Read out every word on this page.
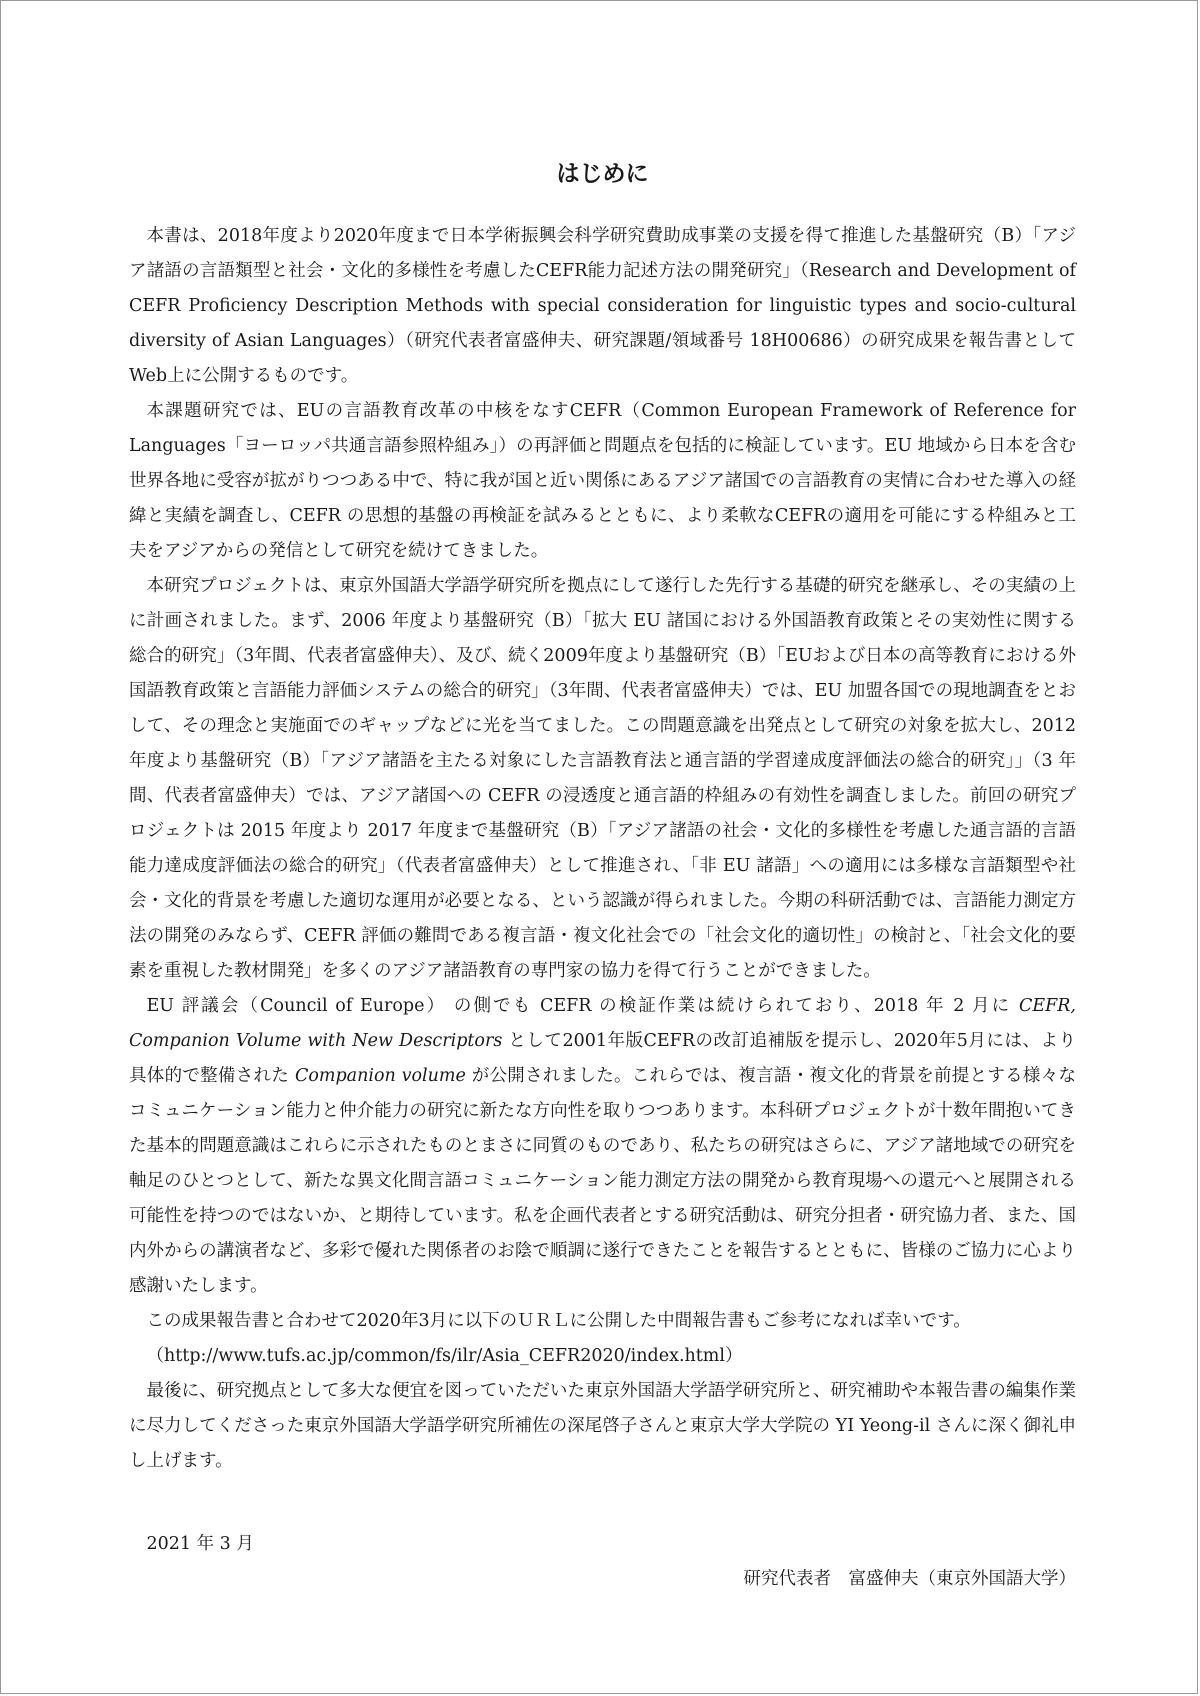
はじめに

本書は、2018年度より2020年度まで日本学術振興会科学研究費助成事業の支援を得て推進した基盤研究（B）「アジア諸語の言語類型と社会・文化的多様性を考慮したCEFR能力記述方法の開発研究」（Research and Development of CEFR Proficiency Description Methods with special consideration for linguistic types and socio-cultural diversity of Asian Languages）（研究代表者富盛伸夫、研究課題/領域番号 18H00686）の研究成果を報告書としてWeb上に公開するものです。

本課題研究では、EUの言語教育改革の中核をなすCEFR（Common European Framework of Reference for Languages「ヨーロッパ共通言語参照枠組み」）の再評価と問題点を包括的に検証しています。EU 地域から日本を含む世界各地に受容が拡がりつつある中で、特に我が国と近い関係にあるアジア諸国での言語教育の実情に合わせた導入の経緯と実績を調査し、CEFR の思想的基盤の再検証を試みるとともに、より柔軟なCEFRの適用を可能にする枠組みと工夫をアジアからの発信として研究を続けてきました。

本研究プロジェクトは、東京外国語大学語学研究所を拠点にして遂行した先行する基礎的研究を継承し、その実績の上に計画されました。まず、2006 年度より基盤研究（B）「拡大 EU 諸国における外国語教育政策とその実効性に関する総合的研究」（3年間、代表者富盛伸夫）、及び、続く2009年度より基盤研究（B）「EUおよび日本の高等教育における外国語教育政策と言語能力評価システムの総合的研究」（3年間、代表者富盛伸夫）では、EU 加盟各国での現地調査をとおして、その理念と実施面でのギャップなどに光を当てました。この問題意識を出発点として研究の対象を拡大し、2012 年度より基盤研究（B）「アジア諸語を主たる対象にした言語教育法と通言語的学習達成度評価法の総合的研究」」（3 年間、代表者富盛伸夫）では、アジア諸国への CEFR の浸透度と通言語的枠組みの有効性を調査しました。前回の研究プロジェクトは 2015 年度より 2017 年度まで基盤研究（B）「アジア諸語の社会・文化的多様性を考慮した通言語的言語能力達成度評価法の総合的研究」（代表者富盛伸夫）として推進され、「非 EU 諸語」への適用には多様な言語類型や社会・文化的背景を考慮した適切な運用が必要となる、という認識が得られました。今期の科研活動では、言語能力測定方法の開発のみならず、CEFR 評価の難問である複言語・複文化社会での「社会文化的適切性」の検討と、「社会文化的要素を重視した教材開発」を多くのアジア諸語教育の専門家の協力を得て行うことができました。

EU 評議会（Council of Europe） の側でも CEFR の検証作業は続けられており、2018 年 2 月に CEFR, Companion Volume with New Descriptors として2001年版CEFRの改訂追補版を提示し、2020年5月には、より具体的で整備された Companion volume が公開されました。これらでは、複言語・複文化的背景を前提とする様々なコミュニケーション能力と仲介能力の研究に新たな方向性を取りつつあります。本科研プロジェクトが十数年間抱いてきた基本的問題意識はこれらに示されたものとまさに同質のものであり、私たちの研究はさらに、アジア諸地域での研究を軸足のひとつとして、新たな異文化間言語コミュニケーション能力測定方法の開発から教育現場への還元へと展開される可能性を持つのではないか、と期待しています。私を企画代表者とする研究活動は、研究分担者・研究協力者、また、国内外からの講演者など、多彩で優れた関係者のお陰で順調に遂行できたことを報告するとともに、皆様のご協力に心より感謝いたします。

この成果報告書と合わせて2020年3月に以下のＵＲＬに公開した中間報告書もご参考になれば幸いです。

（http://www.tufs.ac.jp/common/fs/ilr/Asia_CEFR2020/index.html）

最後に、研究拠点として多大な便宜を図っていただいた東京外国語大学語学研究所と、研究補助や本報告書の編集作業に尽力してくださった東京外国語大学語学研究所補佐の深尾啓子さんと東京大学大学院の YI Yeong-il さんに深く御礼申し上げます。

2021 年 3 月

研究代表者　富盛伸夫（東京外国語大学）
